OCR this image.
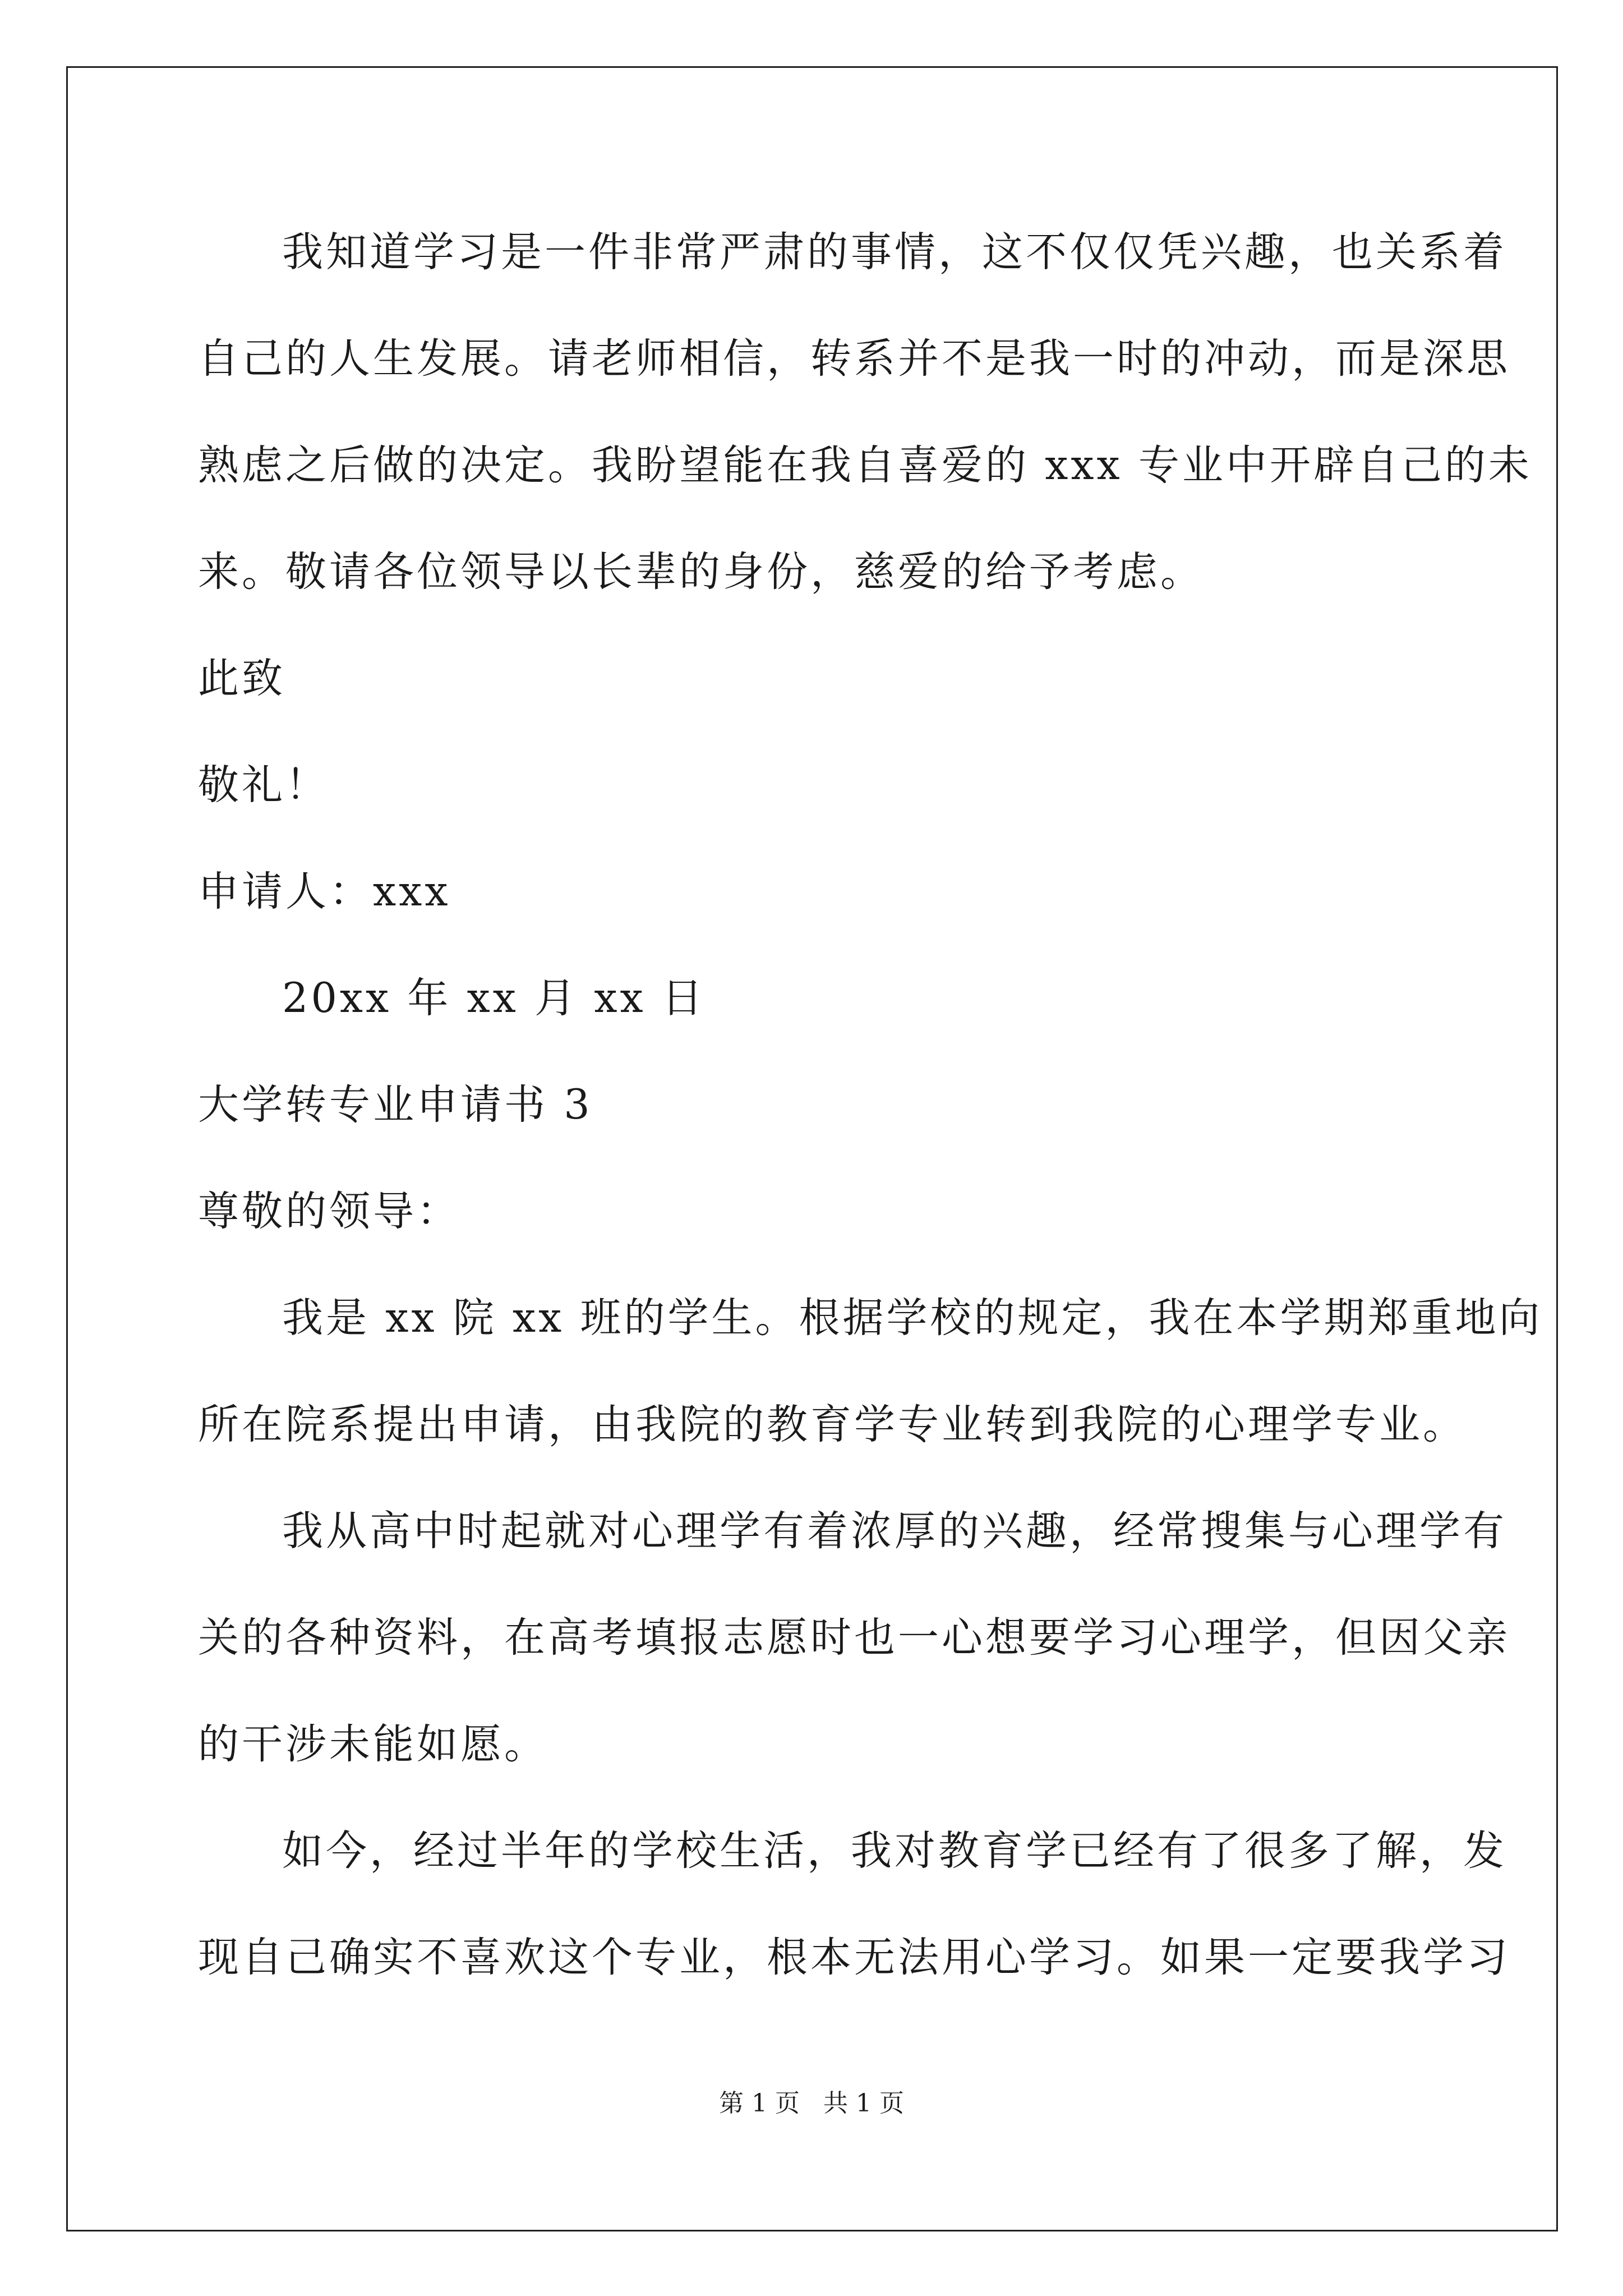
我知道学习是一件非常严肃的事情，这不仅仅凭兴趣，也关系着
自己的人生发展。请老师相信，转系并不是我一时的冲动，而是深思
熟虑之后做的决定。我盼望能在我自喜爱的 xxx 专业中开辟自己的未
来。敬请各位领导以长辈的身份，慈爱的给予考虑。
此致
敬礼！
申请人：xxx
20xx 年 xx 月 xx 日
大学转专业申请书 3
尊敬的领导：
我是 xx 院 xx 班的学生。根据学校的规定，我在本学期郑重地向
所在院系提出申请，由我院的教育学专业转到我院的心理学专业。
我从高中时起就对心理学有着浓厚的兴趣，经常搜集与心理学有
关的各种资料，在高考填报志愿时也一心想要学习心理学，但因父亲
的干涉未能如愿。
如今，经过半年的学校生活，我对教育学已经有了很多了解，发
现自己确实不喜欢这个专业，根本无法用心学习。如果一定要我学习
第 1 页   共 1 页
